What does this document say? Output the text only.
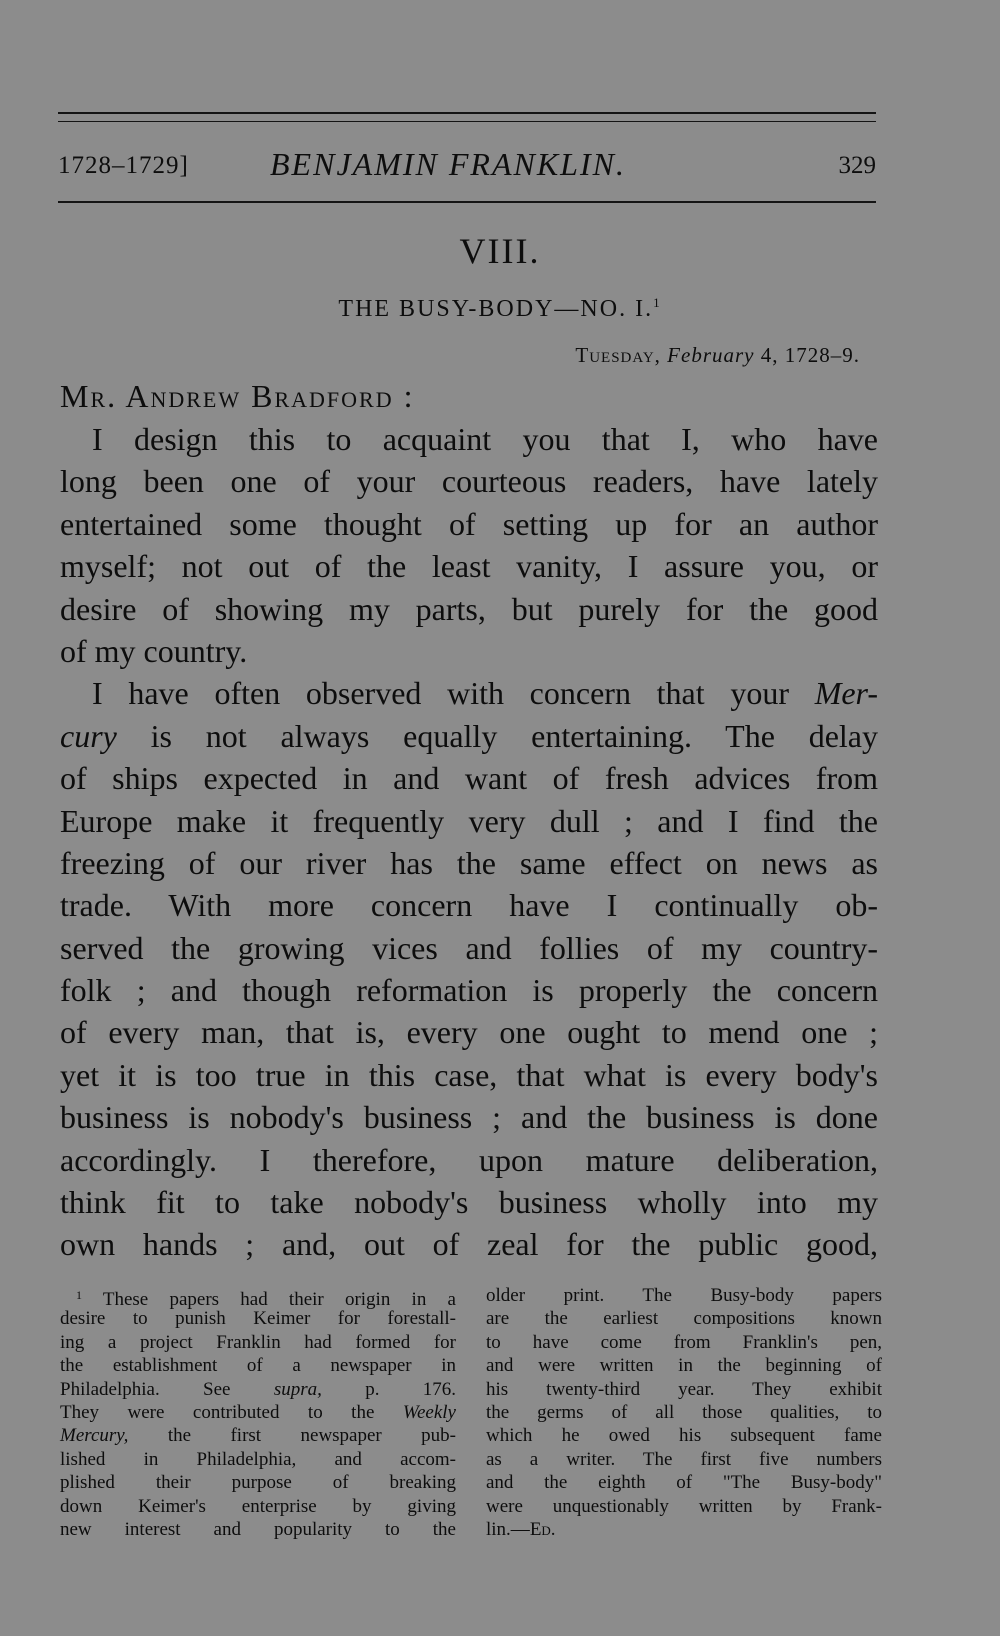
1728–1729]	BENJAMIN FRANKLIN.	329
VIII.
THE BUSY-BODY—NO. I.$^1$
Tuesday, February 4, 1728–9.
Mr. Andrew Bradford :
I design this to acquaint you that I, who have
long been one of your courteous readers, have lately
entertained some thought of setting up for an author
myself; not out of the least vanity, I assure you, or
desire of showing my parts, but purely for the good
of my country.
I have often observed with concern that your Mer-
cury is not always equally entertaining. The delay
of ships expected in and want of fresh advices from
Europe make it frequently very dull ; and I find the
freezing of our river has the same effect on news as
trade. With more concern have I continually ob-
served the growing vices and follies of my country-
folk ; and though reformation is properly the concern
of every man, that is, every one ought to mend one ;
yet it is too true in this case, that what is every body's
business is nobody's business ; and the business is done
accordingly. I therefore, upon mature deliberation,
think fit to take nobody's business wholly into my
own hands ; and, out of zeal for the public good,
$^1$ These papers had their origin in a
desire to punish Keimer for forestall-
ing a project Franklin had formed for
the establishment of a newspaper in
Philadelphia. See supra, p. 176.
They were contributed to the Weekly
Mercury, the first newspaper pub-
lished in Philadelphia, and accom-
plished their purpose of breaking
down Keimer's enterprise by giving
new interest and popularity to the
older print. The Busy-body papers
are the earliest compositions known
to have come from Franklin's pen,
and were written in the beginning of
his twenty-third year. They exhibit
the germs of all those qualities, to
which he owed his subsequent fame
as a writer. The first five numbers
and the eighth of "The Busy-body"
were unquestionably written by Frank-
lin.—Ed.
